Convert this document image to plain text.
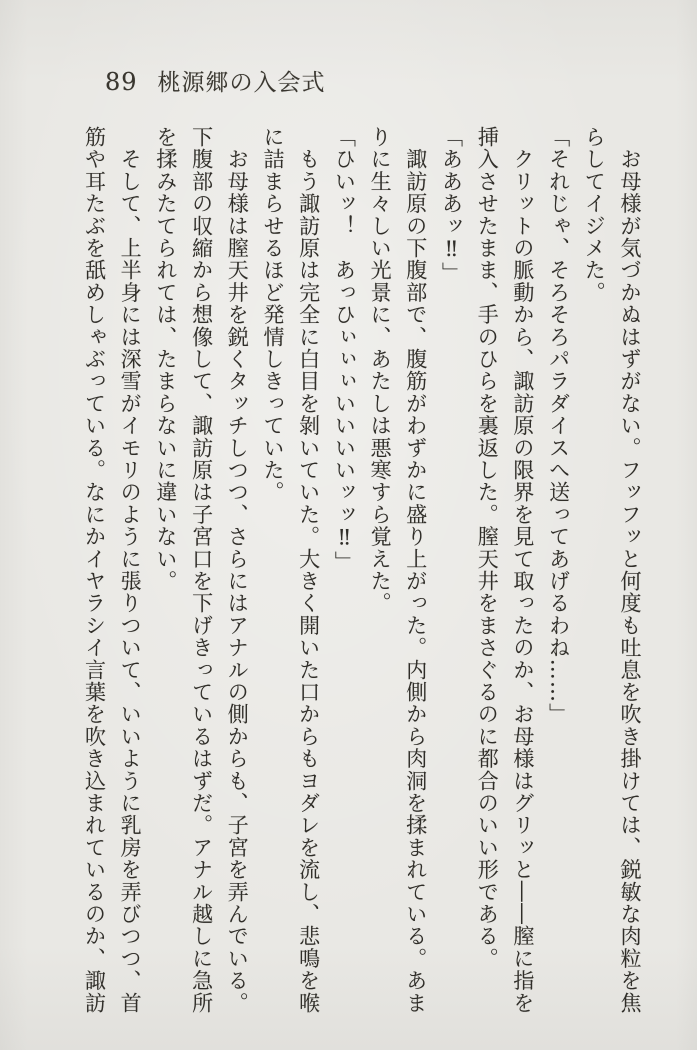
89 桃源郷の入会式

　お母様が気づかぬはずがない。フッフッと何度も吐息を吹き掛けては、鋭敏な肉粒を焦

らしてイジメた。

「それじゃ、そろそろパラダイスへ送ってあげるわね……」

　クリットの脈動から、諏訪原の限界を見て取ったのか、お母様はグリッと――膣に指を

挿入させたまま、手のひらを裏返した。膣天井をまさぐるのに都合のいい形である。

「あああッ‼」

　諏訪原の下腹部で、腹筋がわずかに盛り上がった。内側から肉洞を揉まれている。あま

りに生々しい光景に、あたしは悪寒すら覚えた。

「ひいッ！　あっひぃぃぃいいいいッッ‼」

　もう諏訪原は完全に白目を剝いていた。大きく開いた口からもヨダレを流し、悲鳴を喉

に詰まらせるほど発情しきっていた。

　お母様は膣天井を鋭くタッチしつつ、さらにはアナルの側からも、子宮を弄んでいる。

下腹部の収縮から想像して、諏訪原は子宮口を下げきっているはずだ。アナル越しに急所

を揉みたてられては、たまらないに違いない。

　そして、上半身には深雪がイモリのように張りついて、いいように乳房を弄びつつ、首

筋や耳たぶを舐めしゃぶっている。なにかイヤラシイ言葉を吹き込まれているのか、諏訪
